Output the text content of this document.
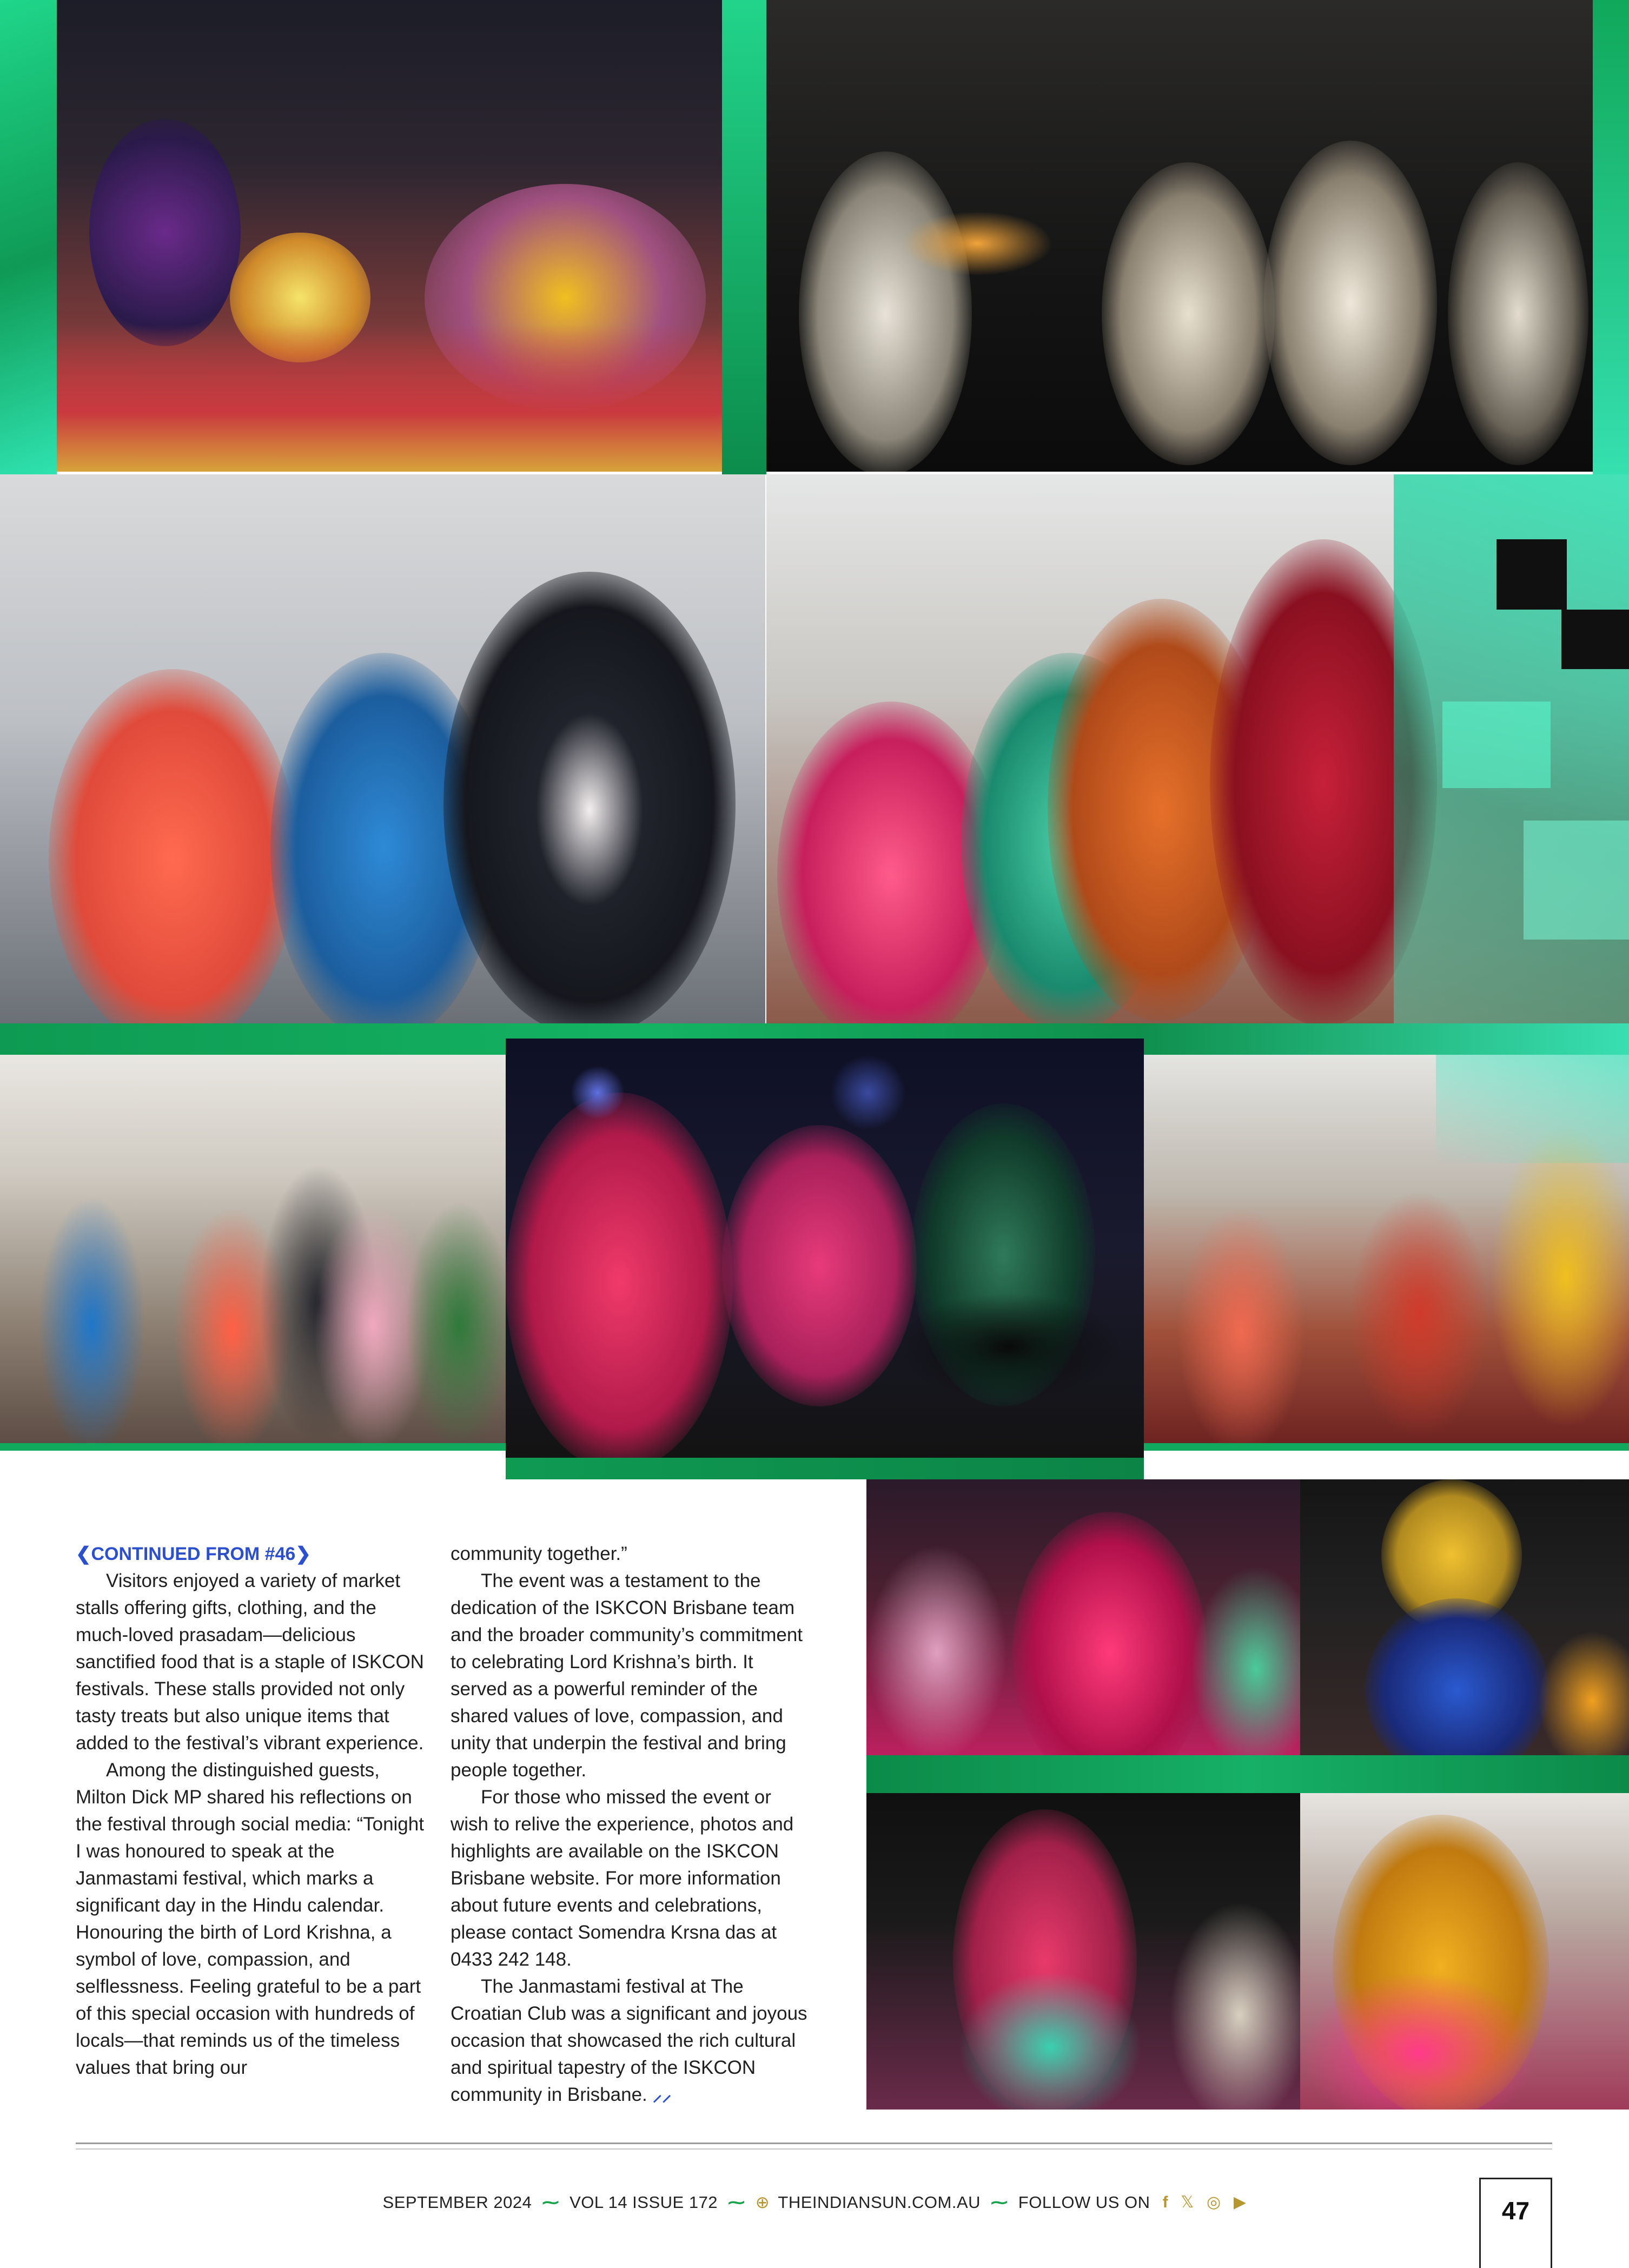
❮CONTINUED FROM #46❯

Visitors enjoyed a variety of market stalls offering gifts, clothing, and the much-loved prasadam—delicious sanctified food that is a staple of ISKCON festivals. These stalls provided not only tasty treats but also unique items that added to the festival’s vibrant experience.

Among the distinguished guests, Milton Dick MP shared his reflections on the festival through social media: “Tonight I was honoured to speak at the Janmastami festival, which marks a significant day in the Hindu calendar. Honouring the birth of Lord Krishna, a symbol of love, compassion, and selflessness. Feeling grateful to be a part of this special occasion with hundreds of locals—that reminds us of the timeless values that bring our

community together.”

The event was a testament to the dedication of the ISKCON Brisbane team and the broader community’s commitment to celebrating Lord Krishna’s birth. It served as a powerful reminder of the shared values of love, compassion, and unity that underpin the festival and bring people together.

For those who missed the event or wish to relive the experience, photos and highlights are available on the ISKCON Brisbane website. For more information about future events and celebrations, please contact Somendra Krsna das at 0433 242 148.

The Janmastami festival at The Croatian Club was a significant and joyous occasion that showcased the rich cultural and spiritual tapestry of the ISKCON community in Brisbane. ⸝⸝

SEPTEMBER 2024 ⁓ VOL 14 ISSUE 172 ⁓ ⊕ THEINDIANSUN.COM.AU ⁓ FOLLOW US ON f 𝕏 ◎ ▶	47
